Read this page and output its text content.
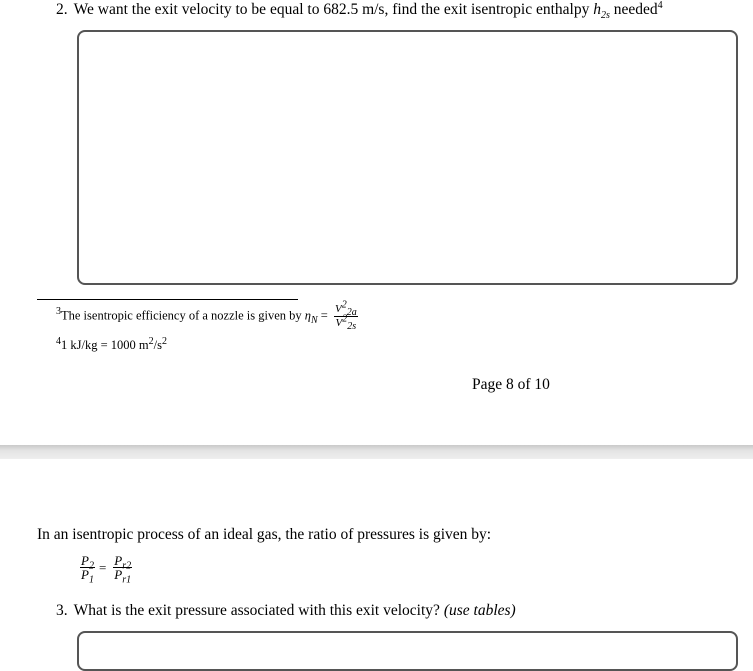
2. We want the exit velocity to be equal to 682.5 m/s, find the exit isentropic enthalpy $h_{2s}$ needed$^4$
$^3$The isentropic efficiency of a nozzle is given by $\eta_N = \frac{V^2_{2a}}{V^2_{2s}}$
$^4$1 kJ/kg = 1000 $m^2/s^2$
Page 8 of 10
In an isentropic process of an ideal gas, the ratio of pressures is given by:
$\frac{P_2}{P_1} = \frac{P_{r2}}{P_{r1}}$
3. What is the exit pressure associated with this exit velocity? (use tables)
